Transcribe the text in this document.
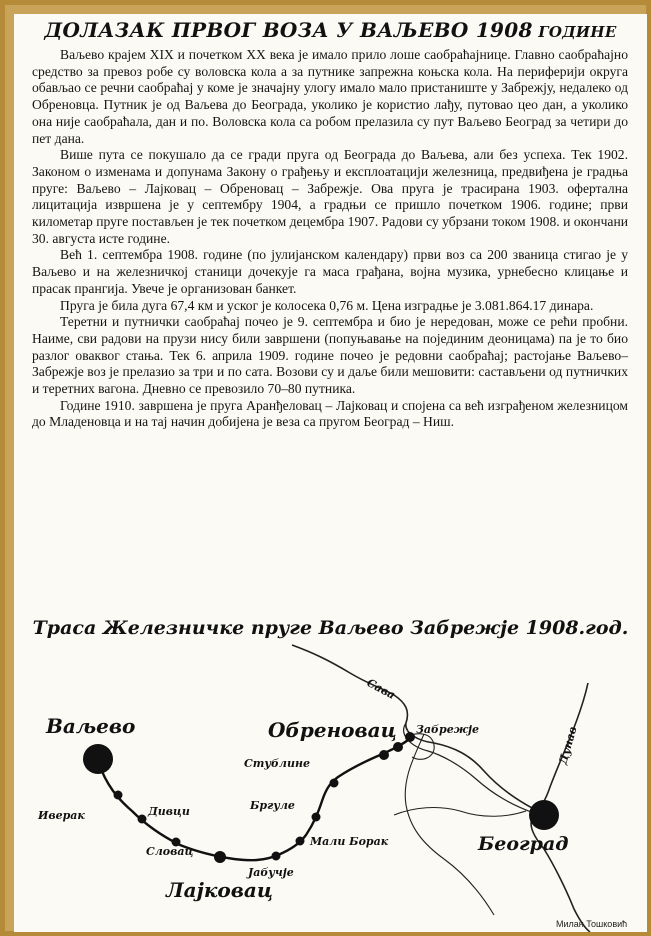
ДОЛАЗАК ПРВОГ ВОЗА У ВАЉЕВО 1908 ГОДИНЕ

Ваљево крајем XIX и почетком XX века је имало прило лоше саобраћајнице. Главно саобраћајно средство за превоз робе су воловска кола а за путнике запрежна коњска кола. На периферији округа обављао се речни саобраћај у коме је значајну улогу имало мало пристаниште у Забрежју, недалеко од Обреновца. Путник је од Ваљева до Београда, уколико је користио лађу, путовао цео дан, а уколико она није саобраћала, дан и по. Воловска кола са робом прелазила су пут Ваљево Београд за четири до пет дана.

Више пута се покушало да се гради пруга од Београда до Ваљева, али без успеха. Тек 1902. Законом о изменама и допунама Закону о грађењу и експлоатацији железница, предвиђена је градња пруге: Ваљево – Лајковац – Обреновац – Забрежје. Ова пруга је трасирана 1903. офертална лицитација извршена је у септембру 1904, а градњи се пришло почетком 1906. године; први километар пруге постављен је тек почетком децембра 1907. Радови су убрзани током 1908. и окончани 30. августа исте године.

Већ 1. септембра 1908. године (по јулијанском календару) први воз са 200 званица стигао је у Ваљево и на железничкој станици дочекује га маса грађана, војна музика, урнебесно клицање и прасак прангија. Увече је организован банкет.

Пруга је била дуга 67,4 км и уског је колосека 0,76 м. Цена изградње је 3.081.864.17 динара.

Теретни и путнички саобраћај почео је 9. септембра и био је нередован, може се рећи пробни. Наиме, сви радови на прузи нису били завршени (попуњавање на појединим деоницама) па је то био разлог оваквог стања. Тек 6. априла 1909. године почео је редовни саобраћај; растојање Ваљево–Забрежје воз је прелазио за три и по сата. Возови су и даље били мешовити: састављени од путничких и теретних вагона. Дневно се превозило 70–80 путника.

Године 1910. завршена је пруга Аранђеловац – Лајковац и спојена са већ изграђеном железницом до Младеновца и на тај начин добијена је веза са пругом Београд – Ниш.

Траса Железничке пруге Ваљево Забрежје 1908.год.
Ваљево	Обреновац
Лајковац
Београд
Иверак	Дивци
Словац
Стублине
Забрежје
Бргуле
Мали Борак
Јабучје
Сава
Дунав
Милан Тошковић
